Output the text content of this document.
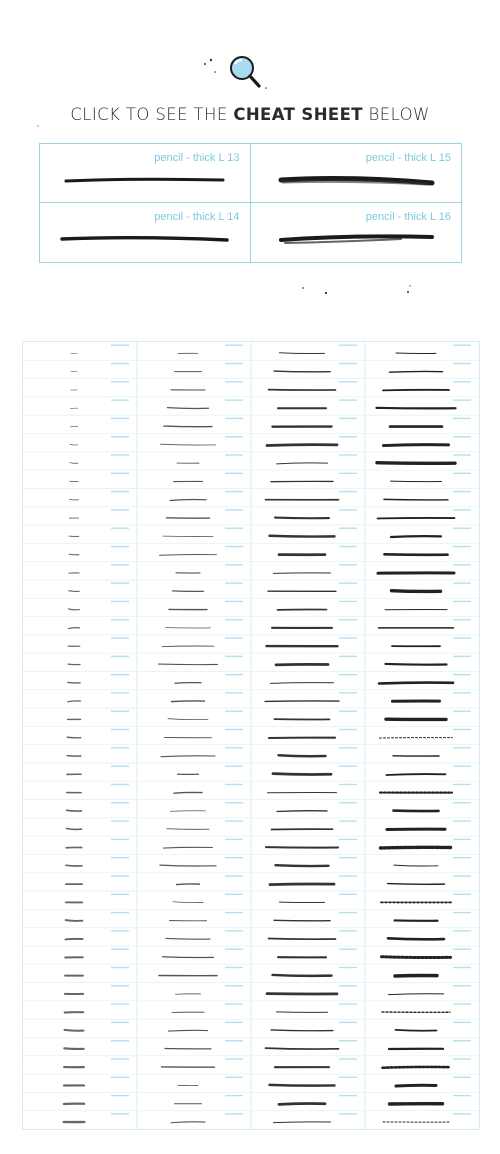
CLICK TO SEE THE CHEAT SHEET BELOW
pencil - thick L 13	pencil - thick L 15
pencil - thick L 14	pencil - thick L 16
